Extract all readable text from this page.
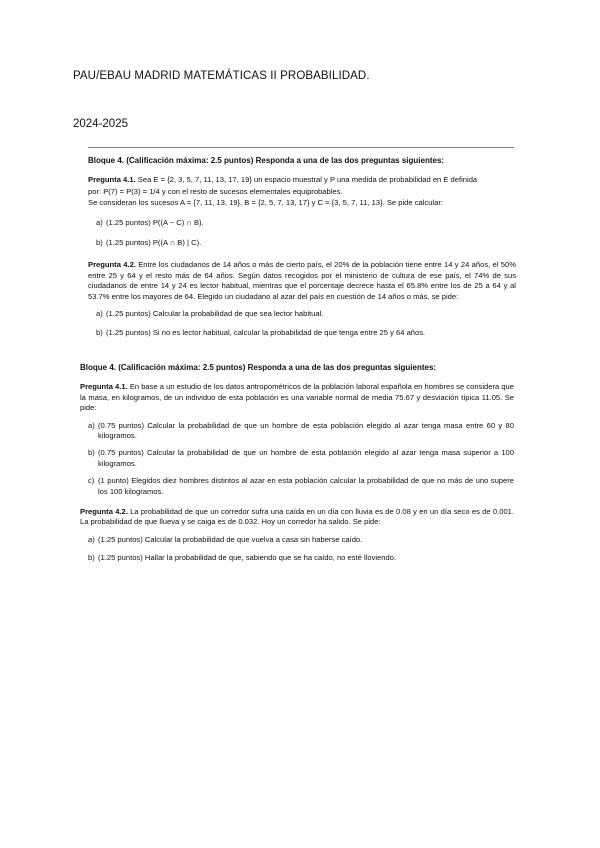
PAU/EBAU MADRID MATEMÁTICAS II PROBABILIDAD.
2024-2025

Bloque 4. (Calificación máxima: 2.5 puntos) Responda a una de las dos preguntas siguientes:

Pregunta 4.1. Sea E = {2, 3, 5, 7, 11, 13, 17, 19} un espacio muestral y P una medida de probabilidad en E definida

por: P(7) = P(3) = 1/4 y con el resto de sucesos elementales equiprobables.

Se consideran los sucesos A = {7, 11, 13, 19}, B = {2, 5, 7, 13, 17} y C = {3, 5, 7, 11, 13}. Se pide calcular:

a) (1.25 puntos) P((A − C) ∩ B).
b) (1.25 puntos) P((A ∩ B) | C).

Pregunta 4.2. Entre los ciudadanos de 14 años o más de cierto país, el 20% de la población tiene entre 14 y 24 años, el 50% entre 25 y 64 y el resto más de 64 años. Según datos recogidos por el ministerio de cultura de ese país, el 74% de sus ciudadanos de entre 14 y 24 es lector habitual, mientras que el porcentaje decrece hasta el 65.8% entre los de 25 a 64 y al 53.7% entre los mayores de 64. Elegido un ciudadano al azar del país en cuestión de 14 años o más, se pide:

a) (1.25 puntos) Calcular la probabilidad de que sea lector habitual.
b) (1.25 puntos) Si no es lector habitual, calcular la probabilidad de que tenga entre 25 y 64 años.

Bloque 4. (Calificación máxima: 2.5 puntos) Responda a una de las dos preguntas siguientes:

Pregunta 4.1. En base a un estudio de los datos antropométricos de la población laboral española en hombres se considera que la masa, en kilogramos, de un individuo de esta población es una variable normal de media 75.67 y desviación típica 11.05. Se pide:

a) (0.75 puntos) Calcular la probabilidad de que un hombre de esta población elegido al azar tenga masa entre 60 y 80 kilogramos.
b) (0.75 puntos) Calcular la probabilidad de que un hombre de esta población elegido al azar tenga masa superior a 100 kilogramos.
c) (1 punto) Elegidos diez hombres distintos al azar en esta población calcular la probabilidad de que no más de uno supere los 100 kilogramos.

Pregunta 4.2. La probabilidad de que un corredor sufra una caída en un día con lluvia es de 0.08 y en un día seco es de 0.001. La probabilidad de que llueva y se caiga es de 0.032. Hoy un corredor ha salido. Se pide:

a) (1.25 puntos) Calcular la probabilidad de que vuelva a casa sin haberse caído.
b) (1.25 puntos) Hallar la probabilidad de que, sabiendo que se ha caído, no esté lloviendo.
